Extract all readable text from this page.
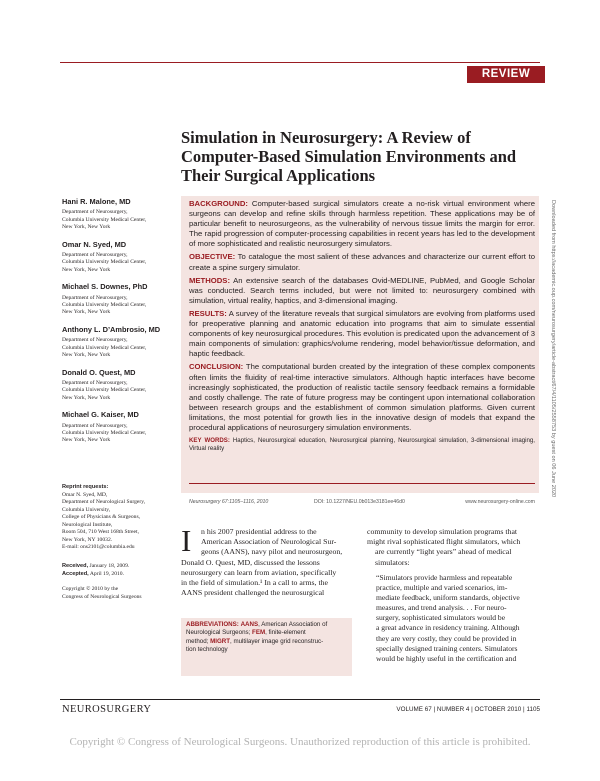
REVIEW
Simulation in Neurosurgery: A Review of
Computer-Based Simulation Environments and
Their Surgical Applications
Hani R. Malone, MD
Department of Neurosurgery,
Columbia University Medical Center,
New York, New York
Omar N. Syed, MD
Department of Neurosurgery,
Columbia University Medical Center,
New York, New York
Michael S. Downes, PhD
Department of Neurosurgery,
Columbia University Medical Center,
New York, New York
Anthony L. D’Ambrosio, MD
Department of Neurosurgery,
Columbia University Medical Center,
New York, New York
Donald O. Quest, MD
Department of Neurosurgery,
Columbia University Medical Center,
New York, New York
Michael G. Kaiser, MD
Department of Neurosurgery,
Columbia University Medical Center,
New York, New York
Reprint requests:
Omar N. Syed, MD,
Department of Neurological Surgery,
Columbia University,
College of Physicians & Surgeons,
Neurological Institute,
Room 504, 710 West 168th Street,
New York, NY 10032.
E-mail: ons2101@columbia.edu
Received, January 18, 2009.
Accepted, April 19, 2010.
Copyright © 2010 by the
Congress of Neurological Surgeons

BACKGROUND: Computer-based surgical simulators create a no-risk virtual environment where surgeons can develop and refine skills through harmless repetition. These applications may be of particular benefit to neurosurgeons, as the vulnerability of nervous tissue limits the margin for error. The rapid progression of computer-processing capabilities in recent years has led to the development of more sophisticated and realistic neurosurgery simulators.

OBJECTIVE: To catalogue the most salient of these advances and characterize our current effort to create a spine surgery simulator.

METHODS: An extensive search of the databases Ovid-MEDLINE, PubMed, and Google Scholar was conducted. Search terms included, but were not limited to: neurosurgery combined with simulation, virtual reality, haptics, and 3-dimensional imaging.

RESULTS: A survey of the literature reveals that surgical simulators are evolving from platforms used for preoperative planning and anatomic education into programs that aim to simulate essential components of key neurosurgical procedures. This evolution is predicated upon the advancement of 3 main components of simulation: graphics/volume rendering, model behavior/tissue deformation, and haptic feedback.

CONCLUSION: The computational burden created by the integration of these complex components often limits the fluidity of real-time interactive simulators. Although haptic interfaces have become increasingly sophisticated, the production of realistic tactile sensory feedback remains a formidable and costly challenge. The rate of future progress may be contingent upon international collaboration between research groups and the establishment of common simulation platforms. Given current limitations, the most potential for growth lies in the innovative design of models that expand the procedural applications of neurosurgery simulation environments.

KEY WORDS: Haptics, Neurosurgical education, Neurosurgical planning, Neurosurgical simulation, 3-dimensional imaging, Virtual reality

Neurosurgery 67:1105–1116, 2010	DOI: 10.1227/NEU.0b013e3181ee46d0	www.neurosurgery-online.com
I	n his 2007 presidential address to the
American Association of Neurological Sur-
geons (AANS), navy pilot and neurosurgeon,
Donald O. Quest, MD, discussed the lessons
neurosurgery can learn from aviation, specifically
in the field of simulation.¹ In a call to arms, the
AANS president challenged the neurosurgical
ABBREVIATIONS: AANS, American Association of
Neurological Surgeons; FEM, finite-element
method; MIGRT, multilayer image grid reconstruc-
tion technology
community to develop simulation programs that
might rival sophisticated flight simulators, which
are currently “light years” ahead of medical
simulators:
“Simulators provide harmless and repeatable
practice, multiple and varied scenarios, im-
mediate feedback, uniform standards, objective
measures, and trend analysis. . . For neuro-
surgery, sophisticated simulators would be
a great advance in residency training. Although
they are very costly, they could be provided in
specially designed training centers. Simulators
would be highly useful in the certification and
NEUROSURGERY	VOLUME 67 | NUMBER 4 | OCTOBER 2010 | 1105
Downloaded from https://academic.oup.com/neurosurgery/article-abstract/67/4/1105/2558753 by guest on 06 June 2020
Copyright © Congress of Neurological Surgeons. Unauthorized reproduction of this article is prohibited.
